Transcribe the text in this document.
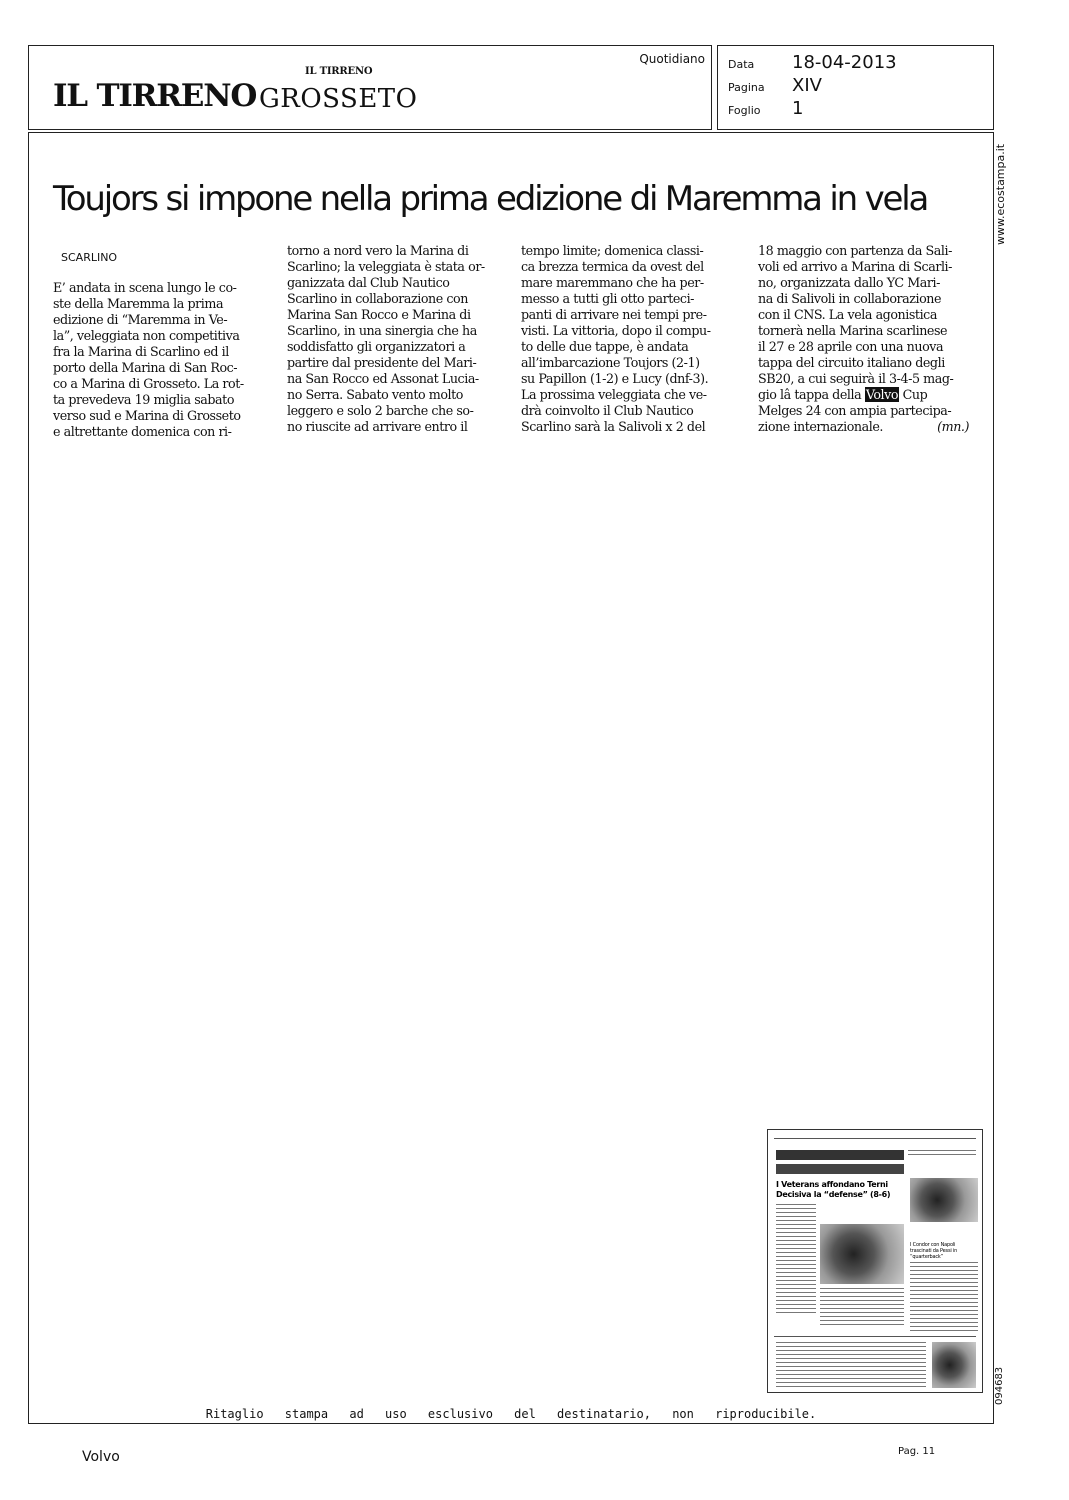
IL TIRRENO
IL TIRRENO GROSSETO
Quotidiano Data 18-04-2013
Pagina XIV
Foglio 1
www.ecostampa.it
094683
Toujors si impone nella prima edizione di Maremma in vela
SCARLINO
E’ andata in scena lungo le co-
ste della Maremma la prima
edizione di “Maremma in Ve-
la”, veleggiata non competitiva
fra la Marina di Scarlino ed il
porto della Marina di San Roc-
co a Marina di Grosseto. La rot-
ta prevedeva 19 miglia sabato
verso sud e Marina di Grosseto
e altrettante domenica con ri-
torno a nord vero la Marina di
Scarlino; la veleggiata è stata or-
ganizzata dal Club Nautico
Scarlino in collaborazione con
Marina San Rocco e Marina di
Scarlino, in una sinergia che ha
soddisfatto gli organizzatori a
partire dal presidente del Mari-
na San Rocco ed Assonat Lucia-
no Serra. Sabato vento molto
leggero e solo 2 barche che so-
no riuscite ad arrivare entro il
tempo limite; domenica classi-
ca brezza termica da ovest del
mare maremmano che ha per-
messo a tutti gli otto parteci-
panti di arrivare nei tempi pre-
visti. La vittoria, dopo il compu-
to delle due tappe, è andata
all’imbarcazione Toujors (2-1)
su Papillon (1-2) e Lucy (dnf-3).
La prossima veleggiata che ve-
drà coinvolto il Club Nautico
Scarlino sarà la Salivoli x 2 del
18 maggio con partenza da Sali-
voli ed arrivo a Marina di Scarli-
no, organizzata dallo YC Mari-
na di Salivoli in collaborazione
con il CNS. La vela agonistica
tornerà nella Marina scarlinese
il 27 e 28 aprile con una nuova
tappa del circuito italiano degli
SB20, a cui seguirà il 3-4-5 mag-
gio lâ tappa della Volvo Cup
Melges 24 con ampia partecipa-
zione internazionale.	(mn.)
I Veterans affondano Terni
Decisiva la “defense” (8-6)
I Condor con Napoli trascinati da Pessi in “quarterback”
Ritaglio stampa ad uso esclusivo del destinatario, non riproducibile.
Volvo	Pag. 11
